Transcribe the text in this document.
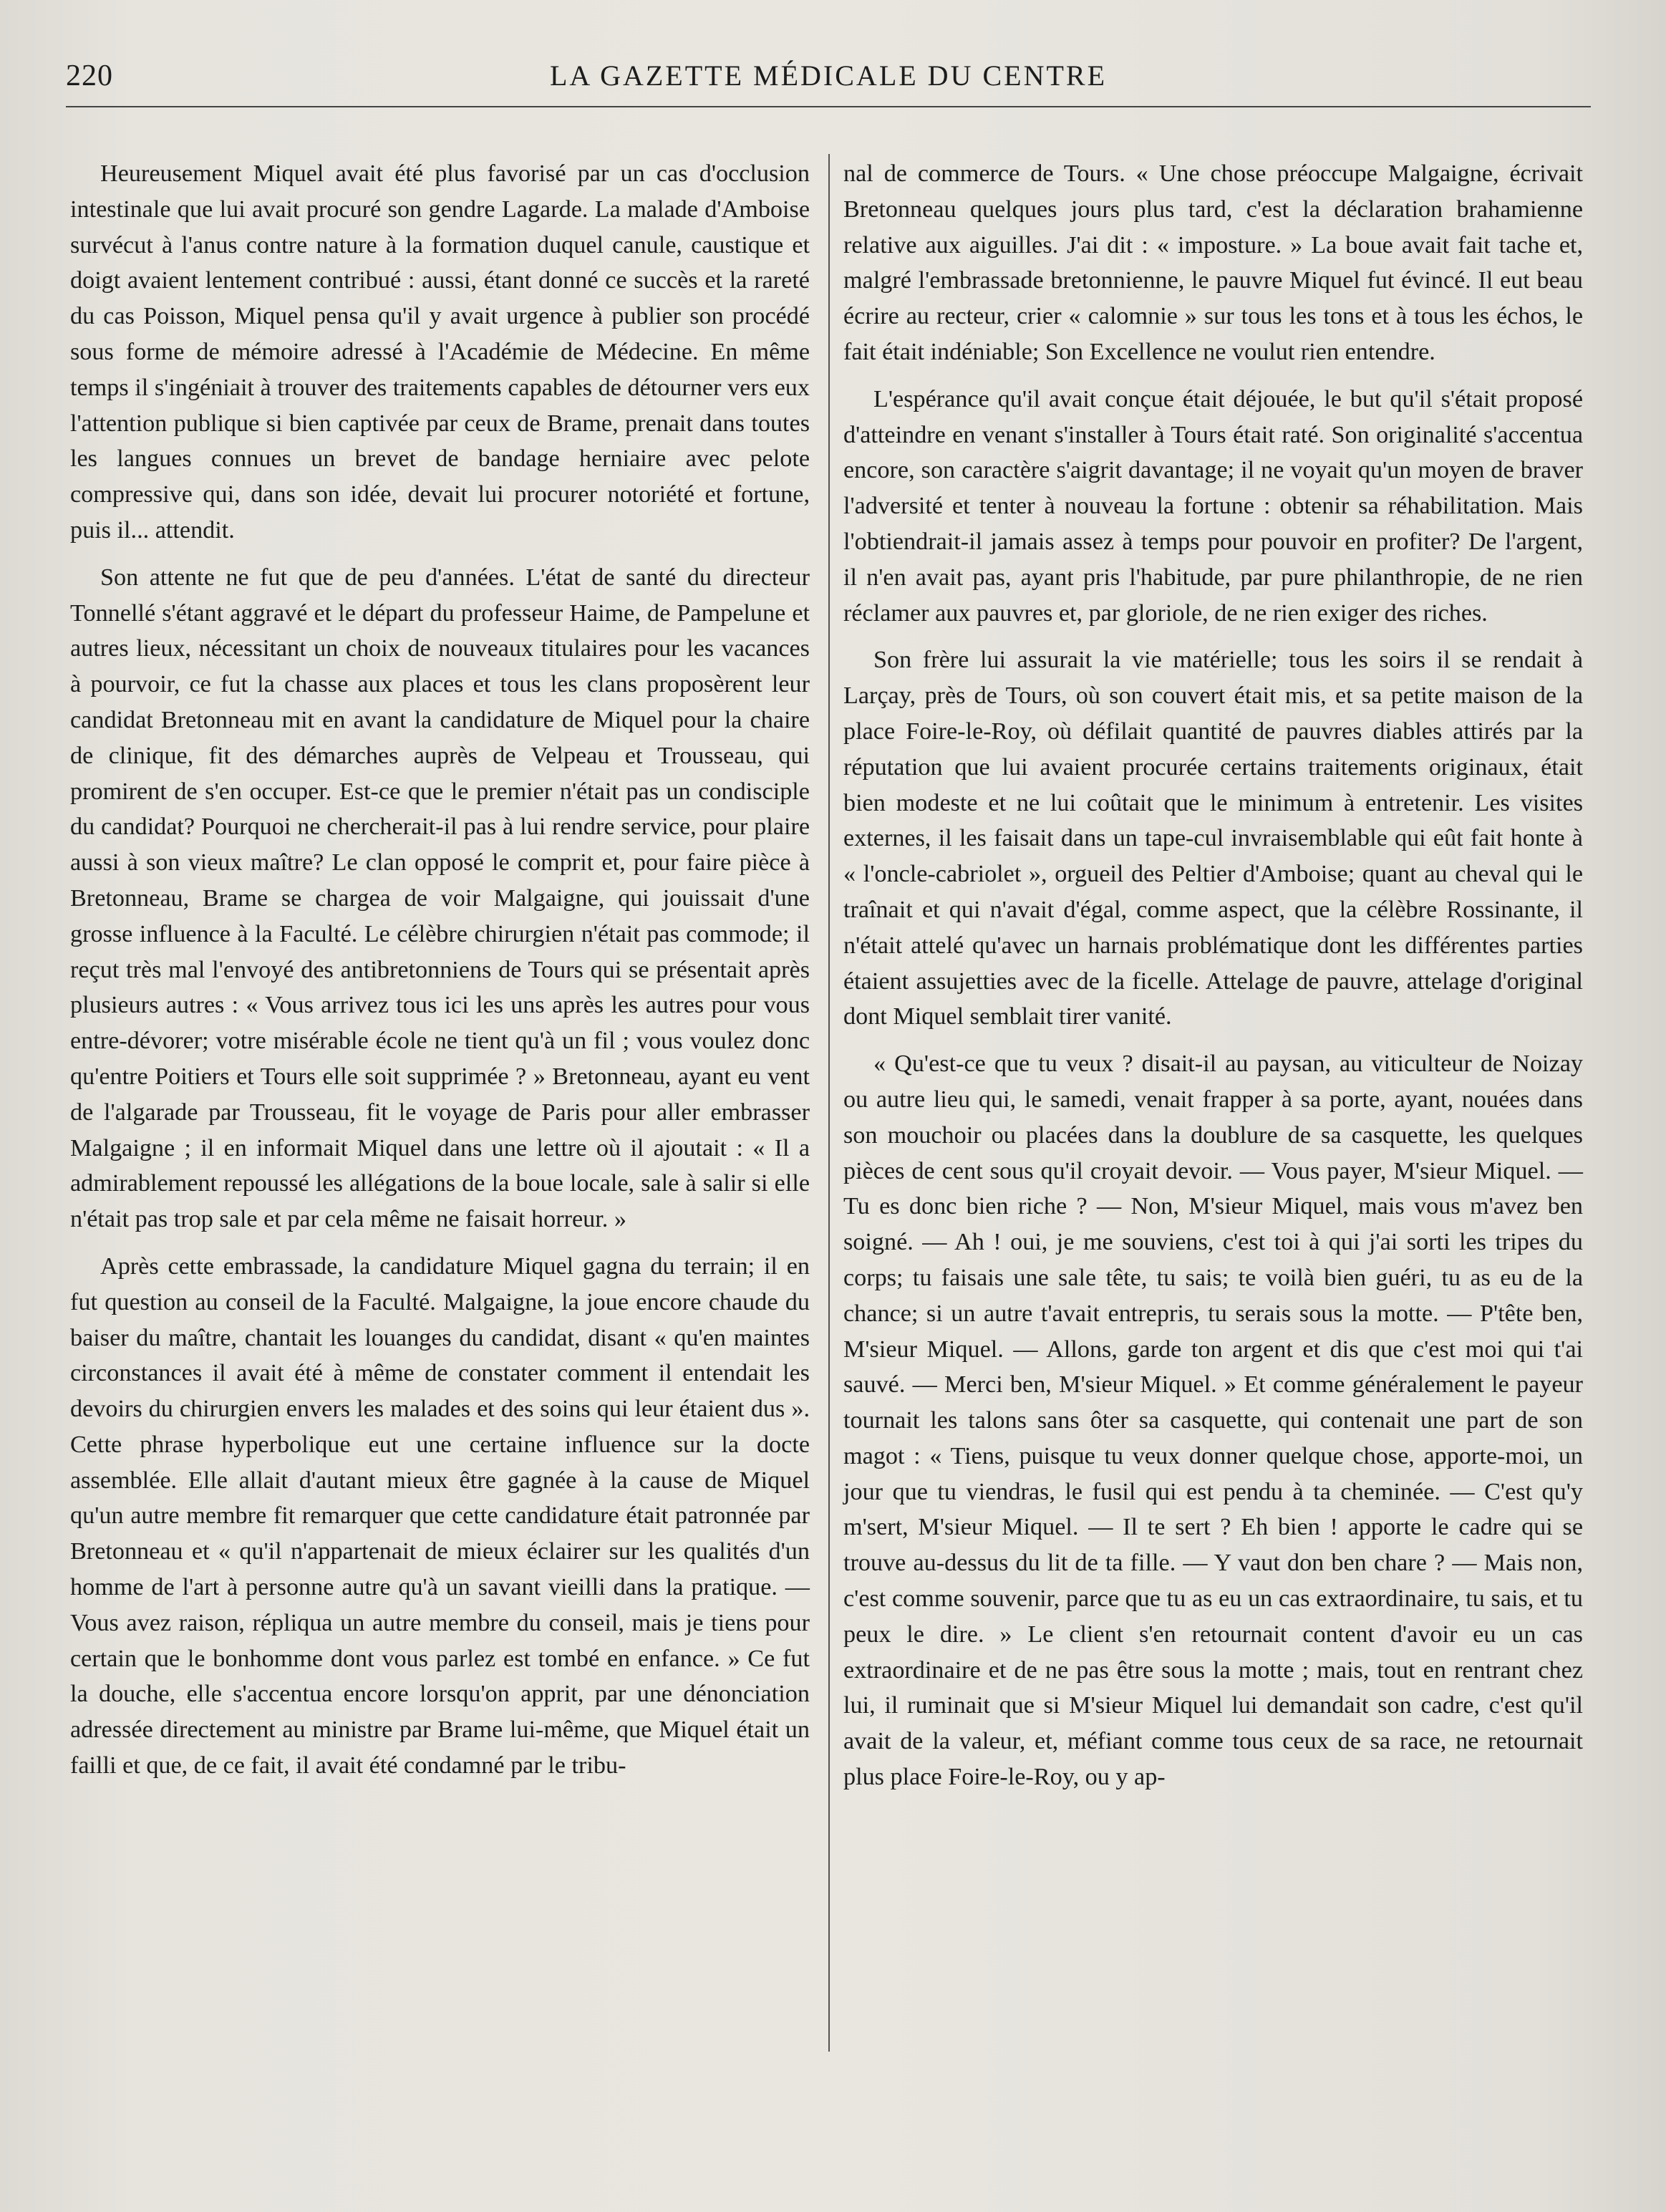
220	LA GAZETTE MÉDICALE DU CENTRE

Heureusement Miquel avait été plus favorisé par un cas d'occlusion intestinale que lui avait procuré son gendre Lagarde. La malade d'Amboise survécut à l'anus contre nature à la formation duquel canule, caustique et doigt avaient lentement contribué : aussi, étant donné ce succès et la rareté du cas Poisson, Miquel pensa qu'il y avait urgence à publier son procédé sous forme de mémoire adressé à l'Académie de Médecine. En même temps il s'ingéniait à trouver des traitements capables de détourner vers eux l'attention publique si bien captivée par ceux de Brame, prenait dans toutes les langues connues un brevet de bandage herniaire avec pelote compressive qui, dans son idée, devait lui procurer notoriété et fortune, puis il... attendit.

Son attente ne fut que de peu d'années. L'état de santé du directeur Tonnellé s'étant aggravé et le départ du professeur Haime, de Pampelune et autres lieux, nécessitant un choix de nouveaux titulaires pour les vacances à pourvoir, ce fut la chasse aux places et tous les clans proposèrent leur candidat Bretonneau mit en avant la candidature de Miquel pour la chaire de clinique, fit des démarches auprès de Velpeau et Trousseau, qui promirent de s'en occuper. Est-ce que le premier n'était pas un condisciple du candidat? Pourquoi ne chercherait-il pas à lui rendre service, pour plaire aussi à son vieux maître? Le clan opposé le comprit et, pour faire pièce à Bretonneau, Brame se chargea de voir Malgaigne, qui jouissait d'une grosse influence à la Faculté. Le célèbre chirurgien n'était pas commode; il reçut très mal l'envoyé des antibretonniens de Tours qui se présentait après plusieurs autres : « Vous arrivez tous ici les uns après les autres pour vous entre-dévorer; votre misérable école ne tient qu'à un fil ; vous voulez donc qu'entre Poitiers et Tours elle soit supprimée ? » Bretonneau, ayant eu vent de l'algarade par Trousseau, fit le voyage de Paris pour aller embrasser Malgaigne ; il en informait Miquel dans une lettre où il ajoutait : « Il a admirablement repoussé les allégations de la boue locale, sale à salir si elle n'était pas trop sale et par cela même ne faisait horreur. »

Après cette embrassade, la candidature Miquel gagna du terrain; il en fut question au conseil de la Faculté. Malgaigne, la joue encore chaude du baiser du maître, chantait les louanges du candidat, disant « qu'en maintes circonstances il avait été à même de constater comment il entendait les devoirs du chirurgien envers les malades et des soins qui leur étaient dus ». Cette phrase hyperbolique eut une certaine influence sur la docte assemblée. Elle allait d'autant mieux être gagnée à la cause de Miquel qu'un autre membre fit remarquer que cette candidature était patronnée par Bretonneau et « qu'il n'appartenait de mieux éclairer sur les qualités d'un homme de l'art à personne autre qu'à un savant vieilli dans la pratique. — Vous avez raison, répliqua un autre membre du conseil, mais je tiens pour certain que le bonhomme dont vous parlez est tombé en enfance. » Ce fut la douche, elle s'accentua encore lorsqu'on apprit, par une dénonciation adressée directement au ministre par Brame lui-même, que Miquel était un failli et que, de ce fait, il avait été condamné par le tribu-

nal de commerce de Tours. « Une chose préoccupe Malgaigne, écrivait Bretonneau quelques jours plus tard, c'est la déclaration brahamienne relative aux aiguilles. J'ai dit : « imposture. » La boue avait fait tache et, malgré l'embrassade bretonnienne, le pauvre Miquel fut évincé. Il eut beau écrire au recteur, crier « calomnie » sur tous les tons et à tous les échos, le fait était indéniable; Son Excellence ne voulut rien entendre.

L'espérance qu'il avait conçue était déjouée, le but qu'il s'était proposé d'atteindre en venant s'installer à Tours était raté. Son originalité s'accentua encore, son caractère s'aigrit davantage; il ne voyait qu'un moyen de braver l'adversité et tenter à nouveau la fortune : obtenir sa réhabilitation. Mais l'obtiendrait-il jamais assez à temps pour pouvoir en profiter? De l'argent, il n'en avait pas, ayant pris l'habitude, par pure philanthropie, de ne rien réclamer aux pauvres et, par gloriole, de ne rien exiger des riches.

Son frère lui assurait la vie matérielle; tous les soirs il se rendait à Larçay, près de Tours, où son couvert était mis, et sa petite maison de la place Foire-le-Roy, où défilait quantité de pauvres diables attirés par la réputation que lui avaient procurée certains traitements originaux, était bien modeste et ne lui coûtait que le minimum à entretenir. Les visites externes, il les faisait dans un tape-cul invraisemblable qui eût fait honte à « l'oncle-cabriolet », orgueil des Peltier d'Amboise; quant au cheval qui le traînait et qui n'avait d'égal, comme aspect, que la célèbre Rossinante, il n'était attelé qu'avec un harnais problématique dont les différentes parties étaient assujetties avec de la ficelle. Attelage de pauvre, attelage d'original dont Miquel semblait tirer vanité.

« Qu'est-ce que tu veux ? disait-il au paysan, au viticulteur de Noizay ou autre lieu qui, le samedi, venait frapper à sa porte, ayant, nouées dans son mouchoir ou placées dans la doublure de sa casquette, les quelques pièces de cent sous qu'il croyait devoir. — Vous payer, M'sieur Miquel. — Tu es donc bien riche ? — Non, M'sieur Miquel, mais vous m'avez ben soigné. — Ah ! oui, je me souviens, c'est toi à qui j'ai sorti les tripes du corps; tu faisais une sale tête, tu sais; te voilà bien guéri, tu as eu de la chance; si un autre t'avait entrepris, tu serais sous la motte. — P'tête ben, M'sieur Miquel. — Allons, garde ton argent et dis que c'est moi qui t'ai sauvé. — Merci ben, M'sieur Miquel. » Et comme généralement le payeur tournait les talons sans ôter sa casquette, qui contenait une part de son magot : « Tiens, puisque tu veux donner quelque chose, apporte-moi, un jour que tu viendras, le fusil qui est pendu à ta cheminée. — C'est qu'y m'sert, M'sieur Miquel. — Il te sert ? Eh bien ! apporte le cadre qui se trouve au-dessus du lit de ta fille. — Y vaut don ben chare ? — Mais non, c'est comme souvenir, parce que tu as eu un cas extraordinaire, tu sais, et tu peux le dire. » Le client s'en retournait content d'avoir eu un cas extraordinaire et de ne pas être sous la motte ; mais, tout en rentrant chez lui, il ruminait que si M'sieur Miquel lui demandait son cadre, c'est qu'il avait de la valeur, et, méfiant comme tous ceux de sa race, ne retournait plus place Foire-le-Roy, ou y ap-
